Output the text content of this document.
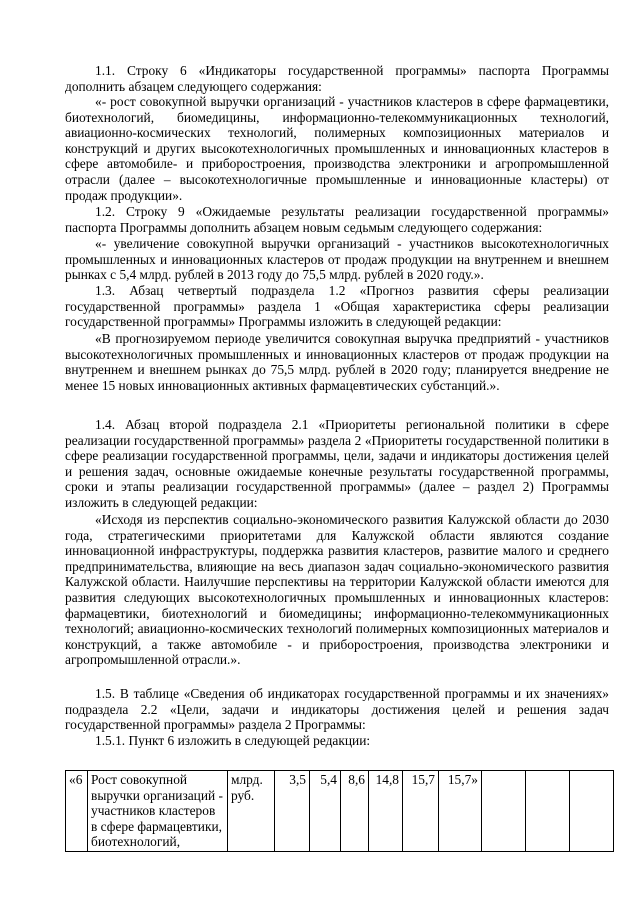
1.1. Строку 6 «Индикаторы государственной программы» паспорта Программы дополнить абзацем следующего содержания:

«- рост совокупной выручки организаций - участников кластеров в сфере фармацевтики, биотехнологий, биомедицины, информационно-телекоммуникационных технологий, авиационно-космических технологий, полимерных композиционных материалов и конструкций и других высокотехнологичных промышленных и инновационных кластеров в сфере автомобиле- и приборостроения, производства электроники и агропромышленной отрасли (далее – высокотехнологичные промышленные и инновационные кластеры) от продаж продукции».

1.2. Строку 9 «Ожидаемые результаты реализации государственной программы» паспорта Программы дополнить абзацем новым седьмым следующего содержания:

«- увеличение совокупной выручки организаций - участников высокотехнологичных промышленных и инновационных кластеров от продаж продукции на внутреннем и внешнем рынках с 5,4 млрд. рублей в 2013 году до 75,5 млрд. рублей в 2020 году.».

1.3. Абзац четвертый подраздела 1.2 «Прогноз развития сферы реализации государственной программы» раздела 1 «Общая характеристика сферы реализации государственной программы» Программы изложить в следующей редакции:

«В прогнозируемом периоде увеличится совокупная выручка предприятий - участников высокотехнологичных промышленных и инновационных кластеров от продаж продукции на внутреннем и внешнем рынках до 75,5 млрд. рублей в 2020 году; планируется внедрение не менее 15 новых инновационных активных фармацевтических субстанций.».

1.4. Абзац второй подраздела 2.1 «Приоритеты региональной политики в сфере реализации государственной программы» раздела 2 «Приоритеты государственной политики в сфере реализации государственной программы, цели, задачи и индикаторы достижения целей и решения задач, основные ожидаемые конечные результаты государственной программы, сроки и этапы реализации государственной программы» (далее – раздел 2) Программы изложить в следующей редакции:

«Исходя из перспектив социально-экономического развития Калужской области до 2030 года, стратегическими приоритетами для Калужской области являются создание инновационной инфраструктуры, поддержка развития кластеров, развитие малого и среднего предпринимательства, влияющие на весь диапазон задач социально-экономического развития Калужской области. Наилучшие перспективы на территории Калужской области имеются для развития следующих высокотехнологичных промышленных и инновационных кластеров: фармацевтики, биотехнологий и биомедицины; информационно-телекоммуникационных технологий; авиационно-космических технологий полимерных композиционных материалов и конструкций, а также автомобиле - и приборостроения, производства электроники и агропромышленной отрасли.».

1.5. В таблице «Сведения об индикаторах государственной программы и их значениях» подраздела 2.2 «Цели, задачи и индикаторы достижения целей и решения задач государственной программы» раздела 2 Программы:

1.5.1. Пункт 6 изложить в следующей редакции:

«6	Рост совокупной выручки организаций - участников кластеров в сфере фармацевтики, биотехнологий,	млрд. руб.	3,5	5,4	8,6	14,8	15,7	15,7»			
